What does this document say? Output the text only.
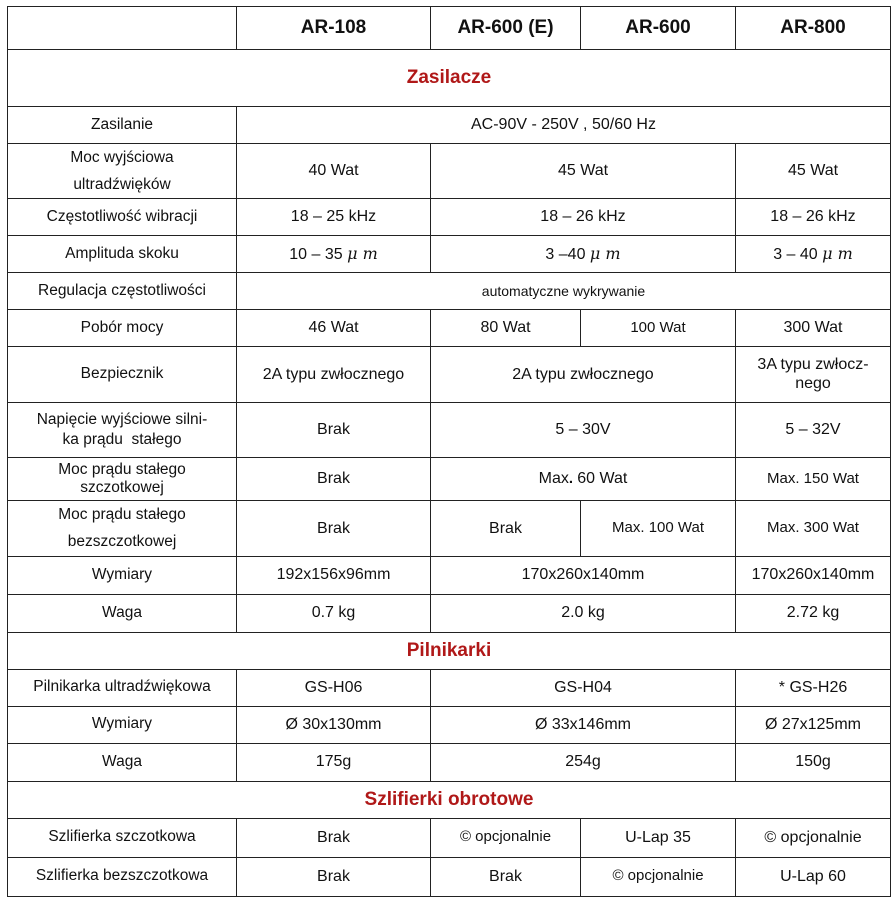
	AR-108	AR-600 (E)	AR-600	AR-800
Zasilacze				
Zasilanie	AC-90V - 250V , 50/60 Hz			
Moc wyjściowa
ultradźwięków	40 Wat	45 Wat		45 Wat
Częstotliwość wibracji	18 – 25 kHz	18 – 26 kHz		18 – 26 kHz
Amplituda skoku	10 – 35 μ m	3 –40 μ m		3 – 40 μ m
Regulacja częstotliwości	automatyczne wykrywanie			
Pobór mocy	46 Wat	80 Wat	100 Wat	300 Wat
Bezpiecznik	2A typu zwłocznego	2A typu zwłocznego		3A typu zwłocz-
nego
Napięcie wyjściowe silni-
ka prądu  stałego	Brak	5 – 30V		5 – 32V
Moc prądu stałego
szczotkowej	Brak	Max. 60 Wat		Max. 150 Wat
Moc prądu stałego
bezszczotkowej	Brak	Brak	Max. 100 Wat	Max. 300 Wat
Wymiary	192x156x96mm	170x260x140mm		170x260x140mm
Waga	0.7 kg	2.0 kg		2.72 kg
Pilnikarki				
Pilnikarka ultradźwiękowa	GS-H06	GS-H04		* GS-H26
Wymiary	Ø 30x130mm	Ø 33x146mm		Ø 27x125mm
Waga	175g	254g		150g
Szlifierki obrotowe				
Szlifierka szczotkowa	Brak	© opcjonalnie	U-Lap 35	© opcjonalnie
Szlifierka bezszczotkowa	Brak	Brak	© opcjonalnie	U-Lap 60
